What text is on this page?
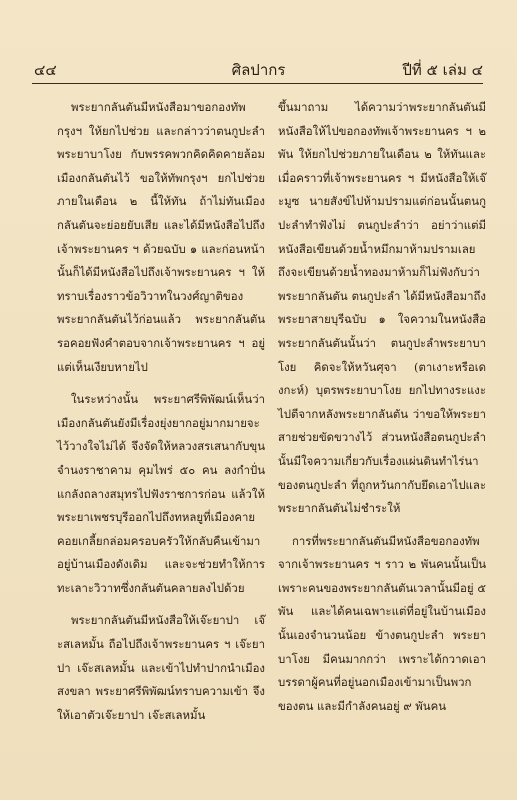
๔๔	ศิลปากร	ปีที่ ๕ เล่ม ๔

พระยากลันตันมีหนังสือมาขอกองทัพกรุงฯ ให้ยกไปช่วย และกล่าวว่าตนกูปะลำพระยาบาโงย กับพรรคพวกคิดคิดคายล้อมเมืองกลันตันไว้ ขอให้ทัพกรุงฯ ยกไปช่วยภายในเดือน ๒ นี้ให้ทัน ถ้าไม่ทันเมืองกลันตันจะย่อยยับเสีย และได้มีหนังสือไปถึงเจ้าพระยานคร ฯ ด้วยฉบับ ๑ และก่อนหน้านั้นก็ได้มีหนังสือไปถึงเจ้าพระยานคร ฯ ให้ทราบเรื่องราวข้อวิวาทในวงศ์ญาติของพระยากลันตันไว้ก่อนแล้ว พระยากลันตันรอคอยฟังคำตอบจากเจ้าพระยานคร ฯ อยู่แต่เห็นเงียบหายไป

ในระหว่างนั้น พระยาศรีพิพัฒน์เห็นว่าเมืองกลันตันยังมีเรื่องยุ่งยากอยู่มากมายจะไว้วางใจไม่ได้ จึงจัดให้หลวงสรเสนากับขุนจำนงราชาคาม คุมไพร่ ๕๐ คน ลงกำปั่นแกลังถลางสมุทรไปฟังราชการก่อน แล้วให้พระยาเพชรบุรีออกไปถึงทหลยูที่เมืองคาย คอยเกลี้ยกล่อมครอบครัวให้กลับคืนเข้ามาอยู่บ้านเมืองดังเดิม และจะช่วยทำให้การทะเลาะวิวาทซึ่งกลันตันคลายลงไปด้วย

พระยากลันตันมีหนังสือให้เจ๊ะยาปา เจ๊ะสเลหมั้น ถือไปถึงเจ้าพระยานคร ฯ เจ๊ะยาปา เจ๊ะสเลหมั้น และเข้าไปทำปากนำเมืองสงขลา พระยาศรีพิพัฒน์ทราบความเข้า จึงให้เอาตัวเจ๊ะยาปา เจ๊ะสเลหมั้น

ขึ้นมาถาม ได้ความว่าพระยากลันตันมีหนังสือให้ไปขอกองทัพเจ้าพระยานคร ฯ ๒ พัน ให้ยกไปช่วยภายในเดือน ๒ ให้ทันและเมื่อคราวที่เจ้าพระยานคร ฯ มีหนังสือให้เจ๊ะมูซ นายสังข์ไปห้ามปรามแต่ก่อนนั้นตนกูปะลำทำฟังไม่ ตนกูปะลำว่า อย่าว่าแต่มีหนังสือเขียนด้วยน้ำหมึกมาห้ามปรามเลย ถึงจะเขียนด้วยน้ำทองมาห้ามก็ไม่ฟังกับว่าพระยากลันตัน ตนกูปะลำ ได้มีหนังสือมาถึงพระยาสายบุรีฉบับ ๑ ใจความในหนังสือพระยากลันตันนั้นว่า ตนกูปะลำพระยาบาโงย คิดจะให้หวันศุจา (ตาเงาะหรือเดงกะห์) บุตรพระยาบาโงย ยกไปทางระแงะไปตีจากหลังพระยากลันตัน ว่าขอให้พระยาสายช่วยขัดขวางไว้ ส่วนหนังสือตนกูปะลำนั้นมีใจความเกี่ยวกับเรื่องแผ่นดินทำไร่นาของตนกูปะลำ ที่ถูกหวันกากับยึดเอาไปและพระยากลันตันไม่ชำระให้

การที่พระยากลันตันมีหนังสือขอกองทัพจากเจ้าพระยานคร ฯ ราว ๒ พันคนนั้นเป็นเพราะคนของพระยากลันตันเวลานั้นมีอยู่ ๕ พัน และได้คนเฉพาะแต่ที่อยู่ในบ้านเมืองนั้นเองจำนวนน้อย ข้างตนกูปะลำ พระยาบาโงย มีคนมากกว่า เพราะได้กวาดเอาบรรดาผู้คนที่อยู่นอกเมืองเข้ามาเป็นพวกของตน และมีกำลังคนอยู่ ๙ พันคน
